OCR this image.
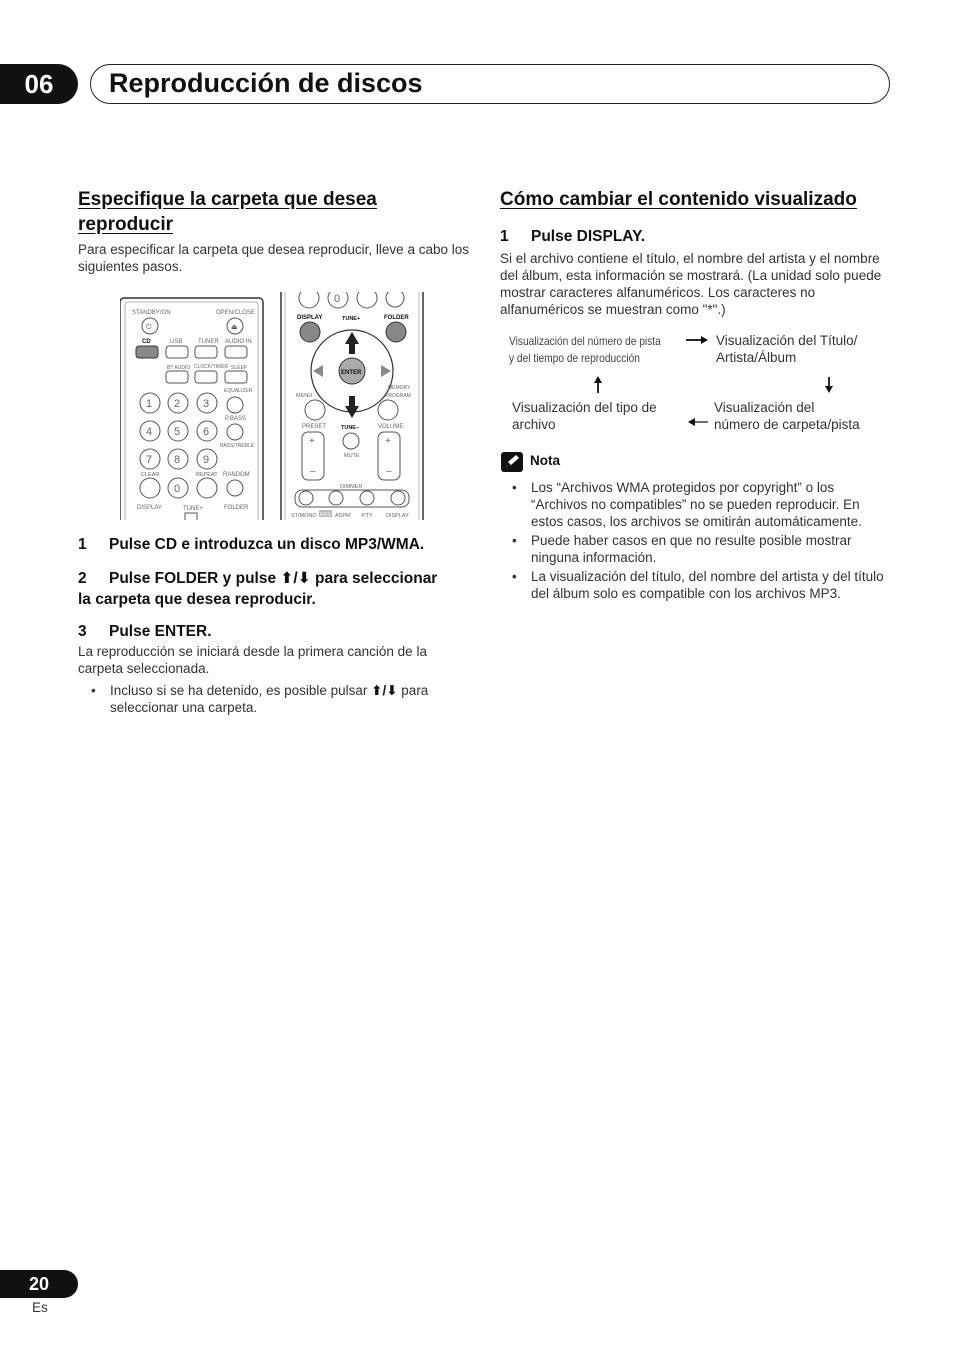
06	Reproducción de discos
Especifique la carpeta que desea
reproducir
Para especificar la carpeta que desea reproducir, lleve a cabo los siguientes pasos.
STANDBY/ON	OPEN/CLOSE
⏏
⏻
CD	USB	TUNER AUDIO IN
BT AUDIO CLOCK/TIMER SLEEP
EQUALIZER
1 2 3
P.BASS
4 5 6
BASS/TREBLE
7 8 9
CLEAR	REPEAT RANDOM
0
DISPLAY	TUNE+	FOLDER
0
DISPLAY	TUNE+	FOLDER
ENTER
MENU
MEMORY
PROGRAM
TUNE–
PRESET	VOLUME
+
–
+
–
MUTE
DIMMER
ST/MONO RDS ASPM PTY DISPLAY
1 Pulse CD e introduzca un disco MP3/WMA.
2 Pulse FOLDER y pulse ⬆/⬇ para seleccionar
la carpeta que desea reproducir.
3 Pulse ENTER.
La reproducción se iniciará desde la primera canción de la carpeta seleccionada.
• Incluso si se ha detenido, es posible pulsar ⬆/⬇ para seleccionar una carpeta.
Cómo cambiar el contenido visualizado
1 Pulse DISPLAY.
Si el archivo contiene el título, el nombre del artista y el nombre del álbum, esta información se mostrará. (La unidad solo puede mostrar caracteres alfanuméricos. Los caracteres no alfanuméricos se muestran como "*".)
Visualización del número de pista
y del tiempo de reproducción
Visualización del Título/
Artista/Álbum
Visualización del tipo de
archivo
Visualización del
número de carpeta/pista
Nota
• Los “Archivos WMA protegidos por copyright” o los “Archivos no compatibles” no se pueden reproducir. En estos casos, los archivos se omitirán automáticamente.
• Puede haber casos en que no resulte posible mostrar ninguna información.
• La visualización del título, del nombre del artista y del título del álbum solo es compatible con los archivos MP3.
20
Es
